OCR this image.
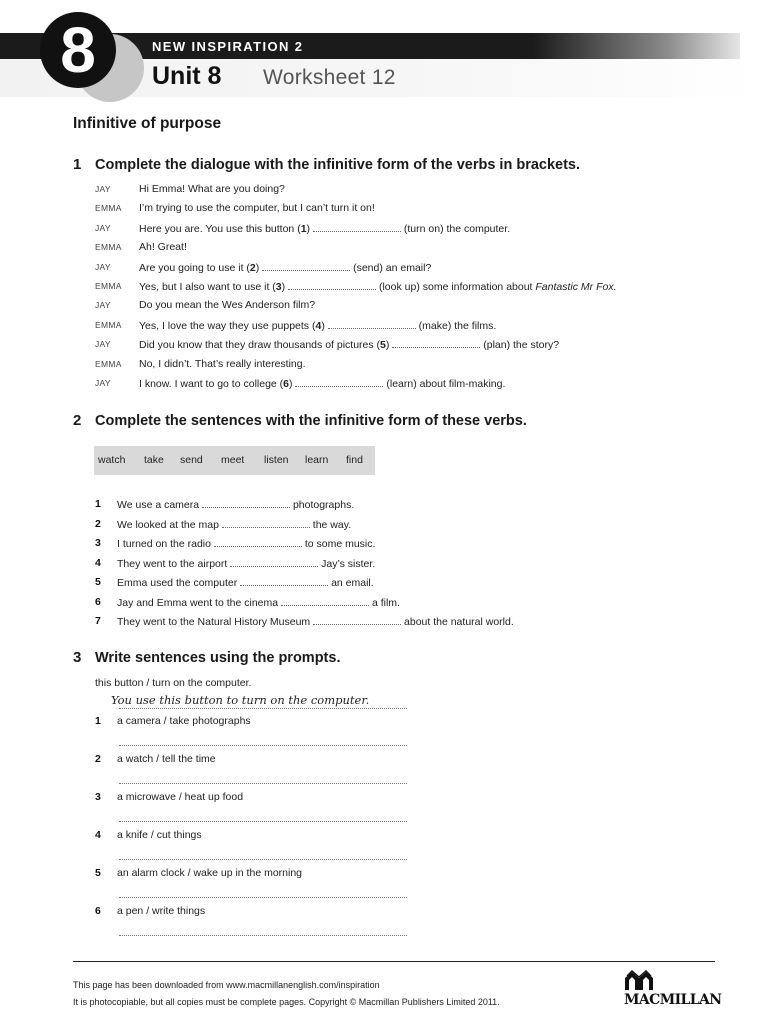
8	NEW INSPIRATION 2
Unit 8 Worksheet 12
Infinitive of purpose
1 Complete the dialogue with the infinitive form of the verbs in brackets.
JAY	Hi Emma! What are you doing?
EMMA I’m trying to use the computer, but I can’t turn it on!
JAY	Here you are. You use this button (1)	(turn on) the computer.
EMMA Ah! Great!
JAY	Are you going to use it (2)	(send) an email?
EMMA Yes, but I also want to use it (3)	(look up) some information about Fantastic Mr Fox.
JAY	Do you mean the Wes Anderson film?
EMMA Yes, I love the way they use puppets (4)	(make) the films.
JAY	Did you know that they draw thousands of pictures (5)	(plan) the story?
EMMA No, I didn’t. That’s really interesting.
JAY	I know. I want to go to college (6)	(learn) about film-making.
2 Complete the sentences with the infinitive form of these verbs.
watch take send meet listen learn find
1 We use a camera	photographs.
2 We looked at the map	the way.
3 I turned on the radio	to some music.
4 They went to the airport	Jay’s sister.
5 Emma used the computer	an email.
6 Jay and Emma went to the cinema	a film.
7 They went to the Natural History Museum	about the natural world.
3 Write sentences using the prompts.
this button / turn on the computer.
You use this button to turn on the computer.
1 a camera / take photographs
2 a watch / tell the time
3 a microwave / heat up food
4 a knife / cut things
5 an alarm clock / wake up in the morning
6 a pen / write things
This page has been downloaded from www.macmillanenglish.com/inspiration
It is photocopiable, but all copies must be complete pages. Copyright © Macmillan Publishers Limited 2011.	MACMILLAN
